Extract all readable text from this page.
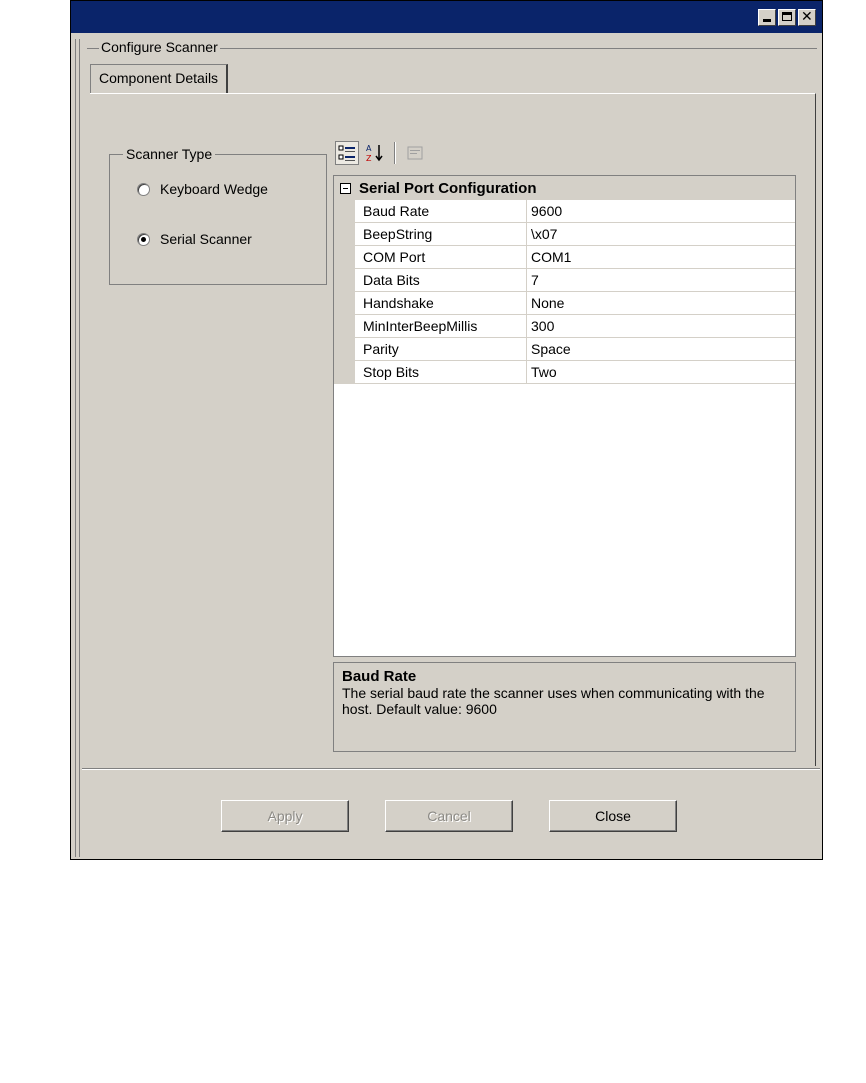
✕
Configure Scanner
Component Details
Scanner Type
Keyboard Wedge
Serial Scanner
A
Z
Serial Port Configuration
Baud Rate	9600
BeepString	\x07
COM Port	COM1
Data Bits	7
Handshake	None
MinInterBeepMillis	300
Parity	Space
Stop Bits	Two
Baud Rate
The serial baud rate the scanner uses when communicating with the host. Default value: 9600
Apply	Cancel	Close
